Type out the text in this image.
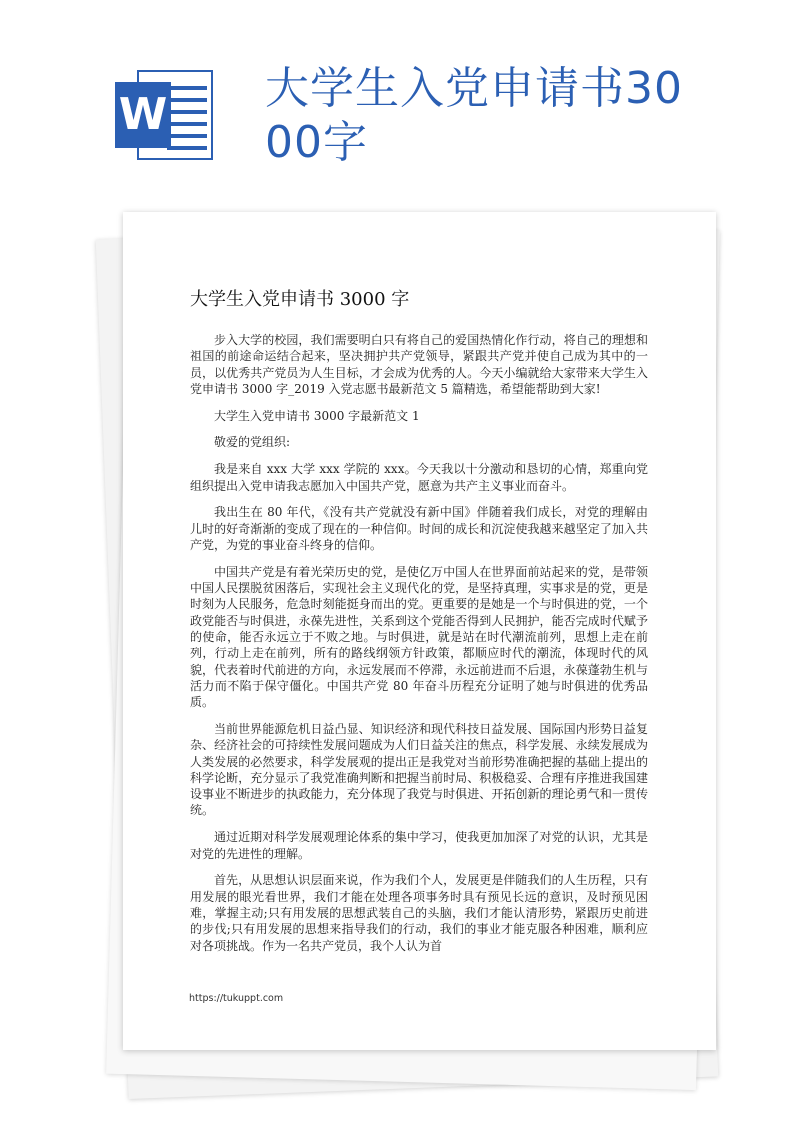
W
大学生入党申请书3000字
大学生入党申请书 3000 字

步入大学的校园，我们需要明白只有将自己的爱国热情化作行动，将自己的理想和祖国的前途命运结合起来，坚决拥护共产党领导，紧跟共产党并使自己成为其中的一员，以优秀共产党员为人生目标，才会成为优秀的人。今天小编就给大家带来大学生入党申请书 3000 字_2019 入党志愿书最新范文 5 篇精选，希望能帮助到大家!

大学生入党申请书 3000 字最新范文 1

敬爱的党组织:

我是来自 xxx 大学 xxx 学院的 xxx。今天我以十分激动和恳切的心情，郑重向党组织提出入党申请我志愿加入中国共产党，愿意为共产主义事业而奋斗。

我出生在 80 年代，《没有共产党就没有新中国》伴随着我们成长，对党的理解由儿时的好奇渐渐的变成了现在的一种信仰。时间的成长和沉淀使我越来越坚定了加入共产党，为党的事业奋斗终身的信仰。

中国共产党是有着光荣历史的党，是使亿万中国人在世界面前站起来的党，是带领中国人民摆脱贫困落后，实现社会主义现代化的党，是坚持真理，实事求是的党，更是时刻为人民服务，危急时刻能挺身而出的党。更重要的是她是一个与时俱进的党，一个政党能否与时俱进，永葆先进性，关系到这个党能否得到人民拥护，能否完成时代赋予的使命，能否永远立于不败之地。与时俱进，就是站在时代潮流前列，思想上走在前列，行动上走在前列，所有的路线纲领方针政策，都顺应时代的潮流，体现时代的风貌，代表着时代前进的方向，永远发展而不停滞，永远前进而不后退，永葆蓬勃生机与活力而不陷于保守僵化。中国共产党 80 年奋斗历程充分证明了她与时俱进的优秀品质。

当前世界能源危机日益凸显、知识经济和现代科技日益发展、国际国内形势日益复杂、经济社会的可持续性发展问题成为人们日益关注的焦点，科学发展、永续发展成为人类发展的必然要求，科学发展观的提出正是我党对当前形势准确把握的基础上提出的科学论断，充分显示了我党准确判断和把握当前时局、积极稳妥、合理有序推进我国建设事业不断进步的执政能力，充分体现了我党与时俱进、开拓创新的理论勇气和一贯传统。

通过近期对科学发展观理论体系的集中学习，使我更加加深了对党的认识，尤其是对党的先进性的理解。

首先，从思想认识层面来说，作为我们个人，发展更是伴随我们的人生历程，只有用发展的眼光看世界，我们才能在处理各项事务时具有预见长远的意识，及时预见困难，掌握主动;只有用发展的思想武装自己的头脑，我们才能认清形势，紧跟历史前进的步伐;只有用发展的思想来指导我们的行动，我们的事业才能克服各种困难，顺利应对各项挑战。作为一名共产党员，我个人认为首

https://tukuppt.com
